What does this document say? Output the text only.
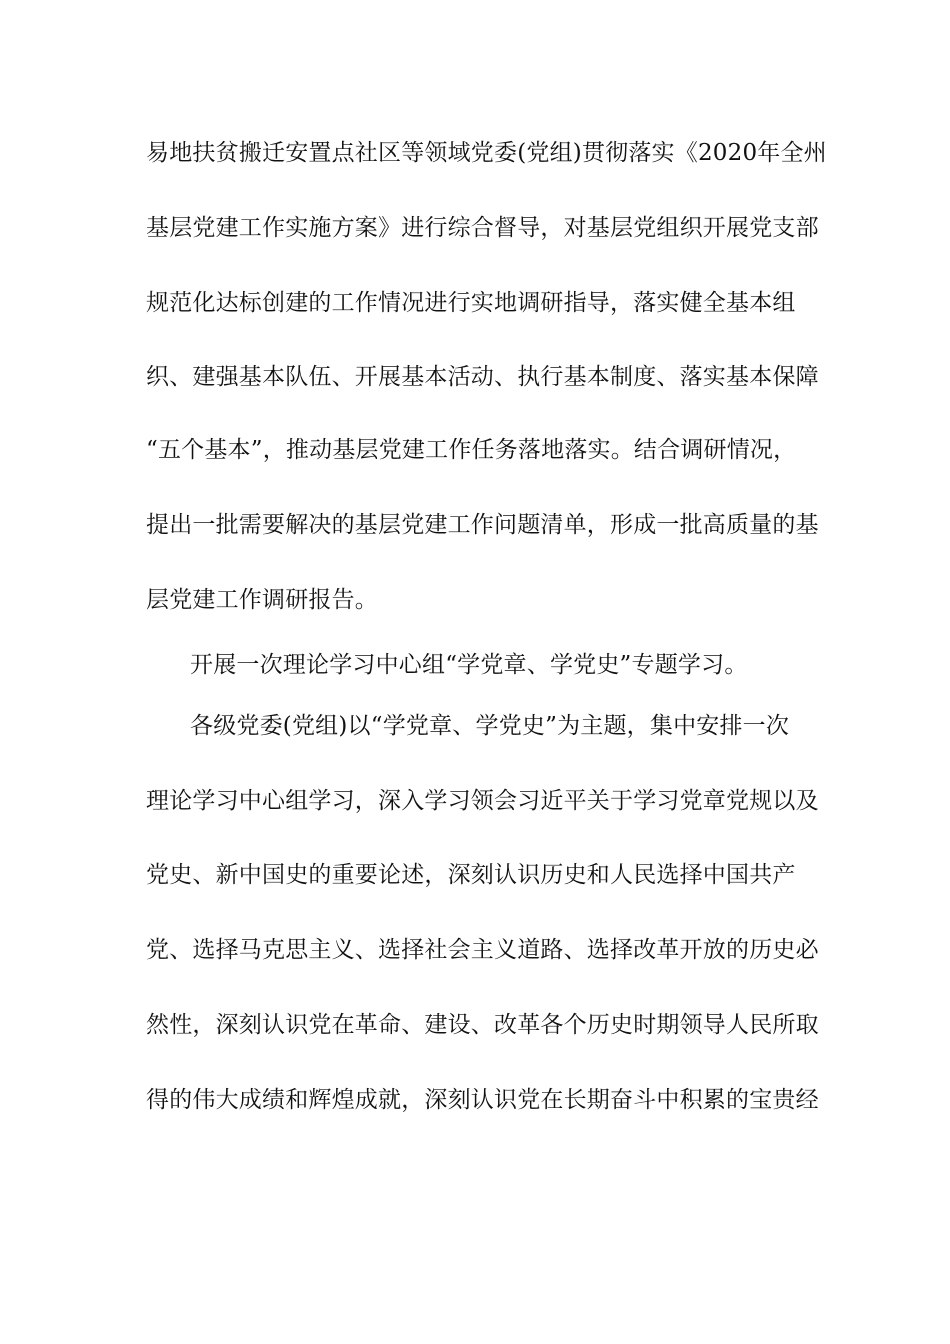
易地扶贫搬迁安置点社区等领域党委(党组)贯彻落实《2020年全州
基层党建工作实施方案》进行综合督导，对基层党组织开展党支部
规范化达标创建的工作情况进行实地调研指导，落实健全基本组
织、建强基本队伍、开展基本活动、执行基本制度、落实基本保障
“五个基本”，推动基层党建工作任务落地落实。结合调研情况，
提出一批需要解决的基层党建工作问题清单，形成一批高质量的基
层党建工作调研报告。
开展一次理论学习中心组“学党章、学党史”专题学习。
各级党委(党组)以“学党章、学党史”为主题，集中安排一次
理论学习中心组学习，深入学习领会习近平关于学习党章党规以及
党史、新中国史的重要论述，深刻认识历史和人民选择中国共产
党、选择马克思主义、选择社会主义道路、选择改革开放的历史必
然性，深刻认识党在革命、建设、改革各个历史时期领导人民所取
得的伟大成绩和辉煌成就，深刻认识党在长期奋斗中积累的宝贵经
